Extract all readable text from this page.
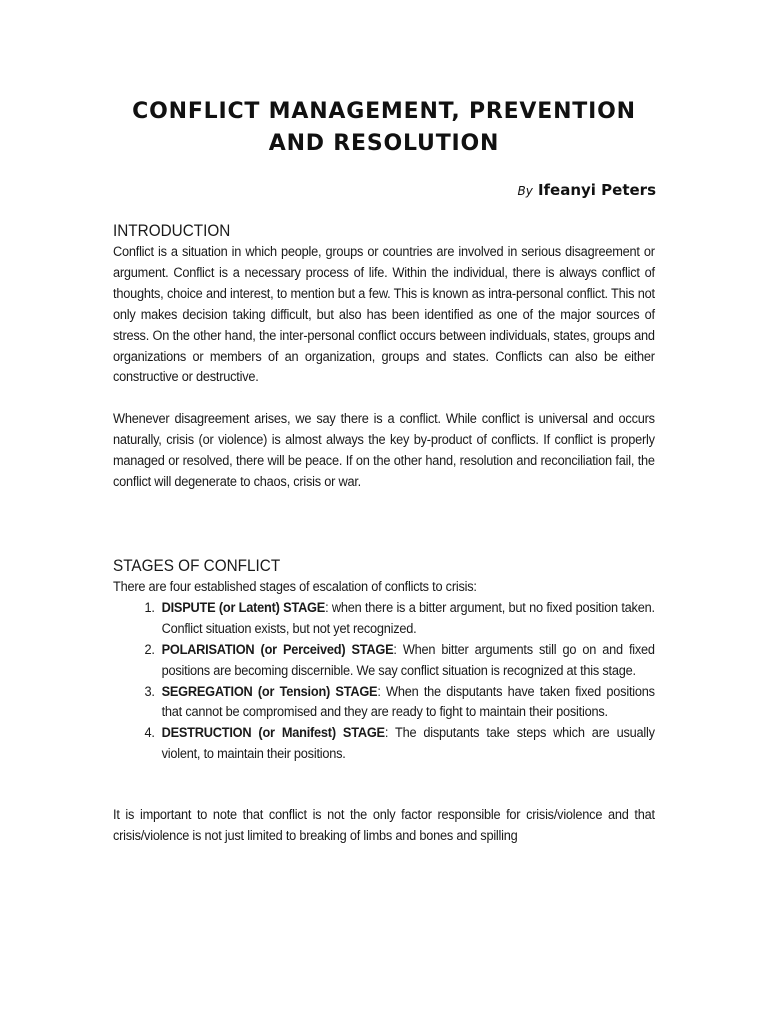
CONFLICT MANAGEMENT, PREVENTION
AND RESOLUTION
By Ifeanyi Peters
INTRODUCTION

Conflict is a situation in which people, groups or countries are involved in serious disagreement or argument. Conflict is a necessary process of life. Within the individual, there is always conflict of thoughts, choice and interest, to mention but a few. This is known as intra-personal conflict. This not only makes decision taking difficult, but also has been identified as one of the major sources of stress. On the other hand, the inter-personal conflict occurs between individuals, states, groups and organizations or members of an organization, groups and states. Conflicts can also be either constructive or destructive.

Whenever disagreement arises, we say there is a conflict. While conflict is universal and occurs naturally, crisis (or violence) is almost always the key by-product of conflicts. If conflict is properly managed or resolved, there will be peace. If on the other hand, resolution and reconciliation fail, the conflict will degenerate to chaos, crisis or war.

STAGES OF CONFLICT

There are four established stages of escalation of conflicts to crisis:

1. DISPUTE (or Latent) STAGE: when there is a bitter argument, but no fixed position taken. Conflict situation exists, but not yet recognized.
2. POLARISATION (or Perceived) STAGE: When bitter arguments still go on and fixed positions are becoming discernible. We say conflict situation is recognized at this stage.
3. SEGREGATION (or Tension) STAGE: When the disputants have taken fixed positions that cannot be compromised and they are ready to fight to maintain their positions.
4. DESTRUCTION (or Manifest) STAGE: The disputants take steps which are usually violent, to maintain their positions.

It is important to note that conflict is not the only factor responsible for crisis/violence and that crisis/violence is not just limited to breaking of limbs and bones and spilling
